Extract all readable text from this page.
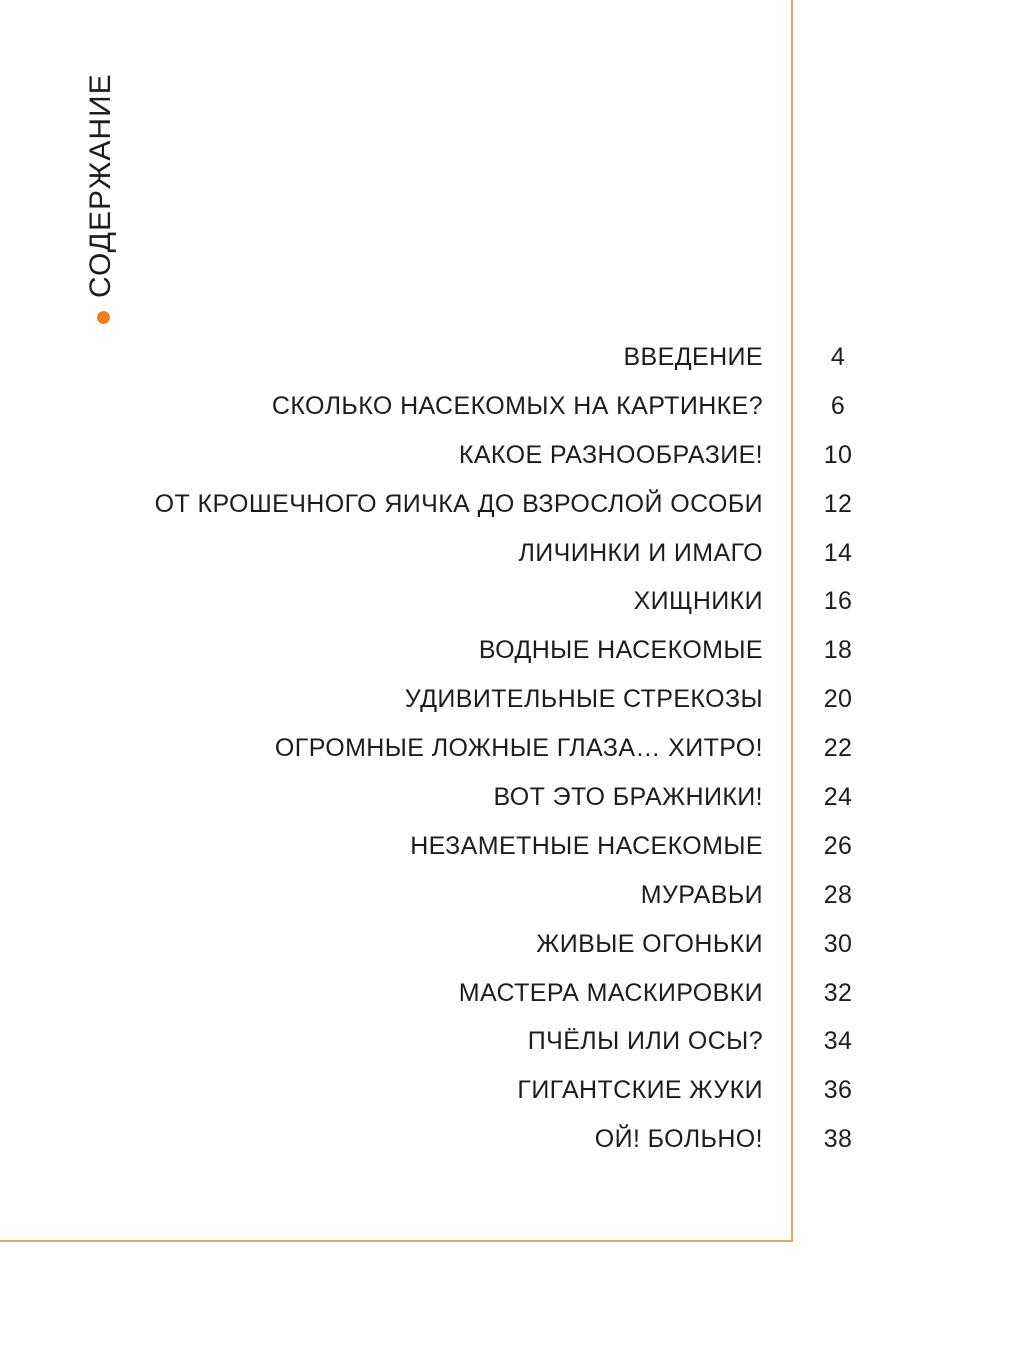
СОДЕРЖАНИЕ
ВВЕДЕНИЕ	4
СКОЛЬКО НАСЕКОМЫХ НА КАРТИНКЕ?	6
КАКОЕ РАЗНООБРАЗИЕ!	10
ОТ КРОШЕЧНОГО ЯИЧКА ДО ВЗРОСЛОЙ ОСОБИ	12
ЛИЧИНКИ И ИМАГО	14
ХИЩНИКИ	16
ВОДНЫЕ НАСЕКОМЫЕ	18
УДИВИТЕЛЬНЫЕ СТРЕКОЗЫ	20
ОГРОМНЫЕ ЛОЖНЫЕ ГЛАЗА… ХИТРО!	22
ВОТ ЭТО БРАЖНИКИ!	24
НЕЗАМЕТНЫЕ НАСЕКОМЫЕ	26
МУРАВЬИ	28
ЖИВЫЕ ОГОНЬКИ	30
МАСТЕРА МАСКИРОВКИ	32
ПЧЁЛЫ ИЛИ ОСЫ?	34
ГИГАНТСКИЕ ЖУКИ	36
ОЙ! БОЛЬНО!	38
